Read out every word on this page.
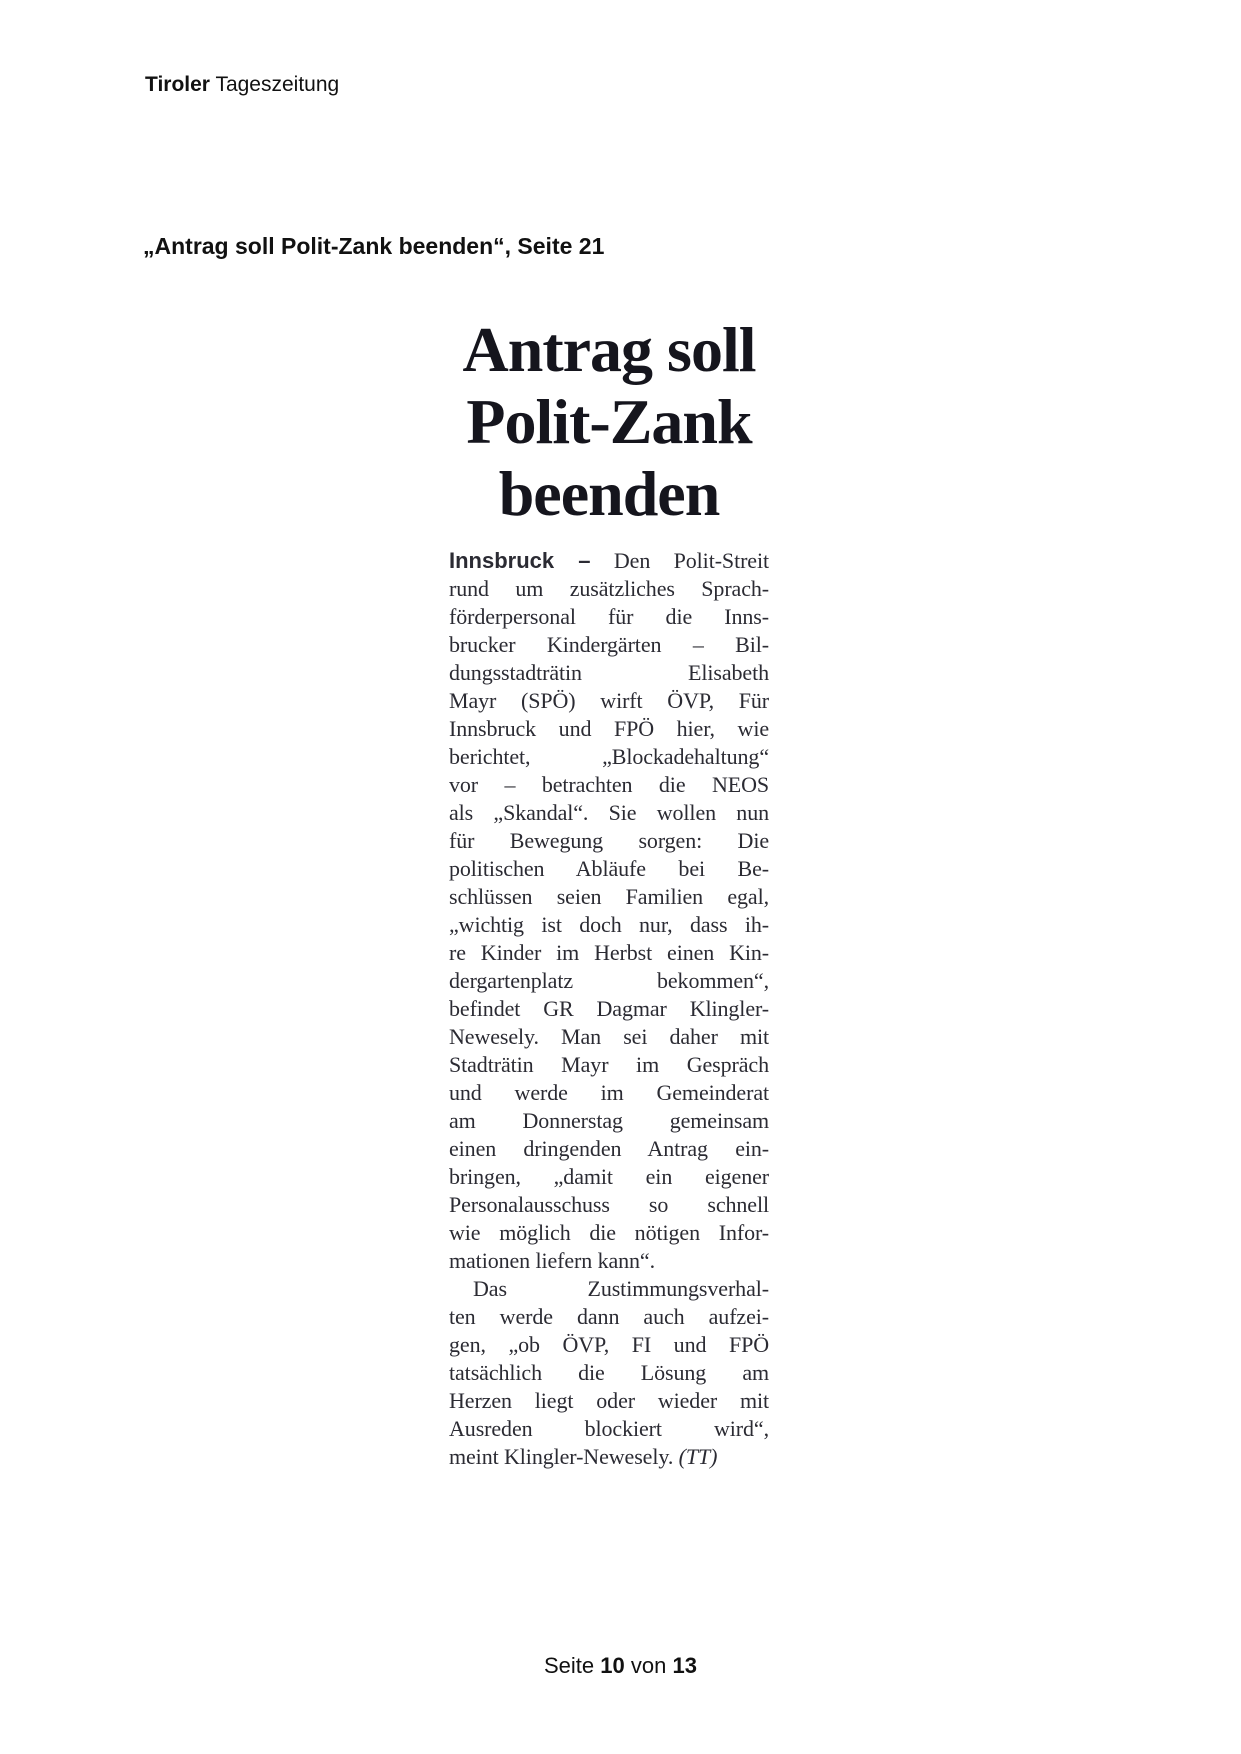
Tiroler Tageszeitung
„Antrag soll Polit-Zank beenden“, Seite 21
Antrag soll
Polit-Zank
beenden
Innsbruck – Den Polit-Streit
rund um zusätzliches Sprach-
förderpersonal für die Inns-
brucker Kindergärten – Bil-
dungsstadträtin Elisabeth
Mayr (SPÖ) wirft ÖVP, Für
Innsbruck und FPÖ hier, wie
berichtet, „Blockadehaltung“
vor – betrachten die NEOS
als „Skandal“. Sie wollen nun
für Bewegung sorgen: Die
politischen Abläufe bei Be-
schlüssen seien Familien egal,
„wichtig ist doch nur, dass ih-
re Kinder im Herbst einen Kin-
dergartenplatz bekommen“,
befindet GR Dagmar Klingler-
Newesely. Man sei daher mit
Stadträtin Mayr im Gespräch
und werde im Gemeinderat
am Donnerstag gemeinsam
einen dringenden Antrag ein-
bringen, „damit ein eigener
Personalausschuss so schnell
wie möglich die nötigen Infor-
mationen liefern kann“.
Das Zustimmungsverhal-
ten werde dann auch aufzei-
gen, „ob ÖVP, FI und FPÖ
tatsächlich die Lösung am
Herzen liegt oder wieder mit
Ausreden blockiert wird“,
meint Klingler-Newesely. (TT)
Seite 10 von 13
